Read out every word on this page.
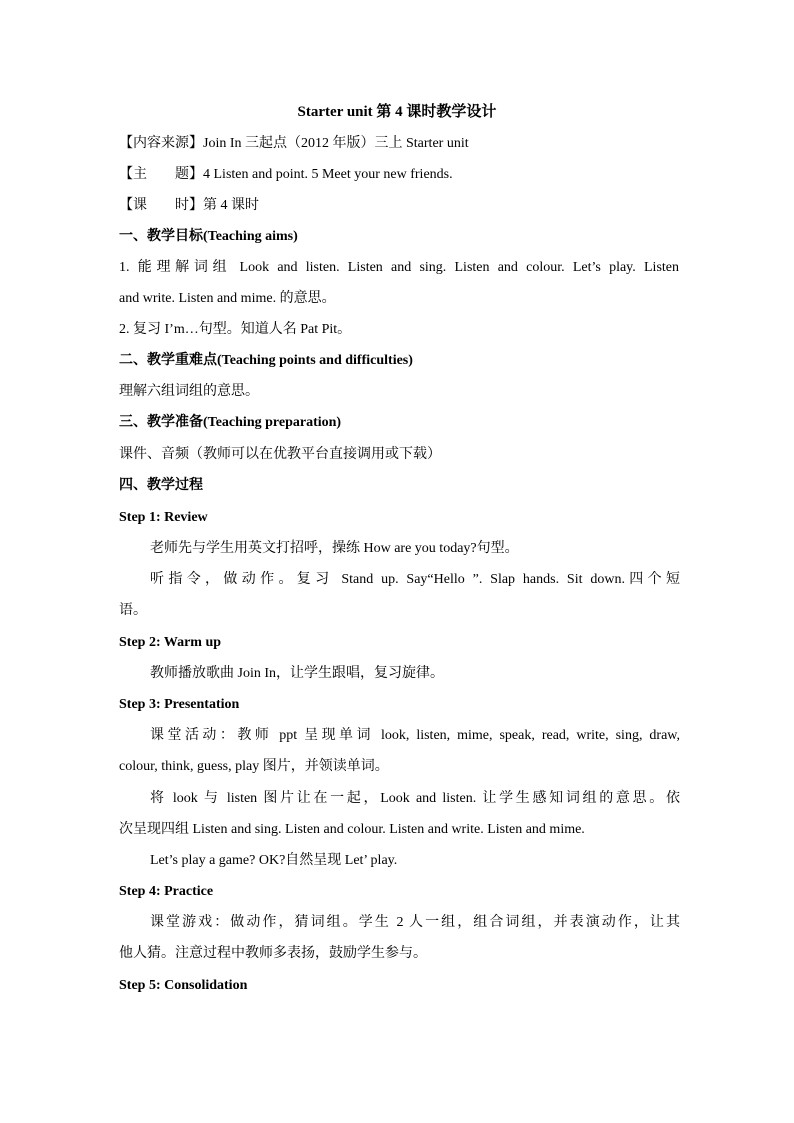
Starter unit 第 4 课时教学设计
【内容来源】Join In 三起点（2012 年版）三上 Starter unit
【主　　题】4 Listen and point. 5 Meet your new friends.
【课　　时】第 4 课时
一、教学目标(Teaching aims)
1. 能理解词组 Look and listen. Listen and sing. Listen and colour. Let’s play. Listen
and write. Listen and mime. 的意思。
2. 复习 I’m…句型。知道人名 Pat Pit。
二、教学重难点(Teaching points and difficulties)
理解六组词组的意思。
三、教学准备(Teaching preparation)
课件、音频（教师可以在优教平台直接调用或下载）
四、教学过程
Step 1: Review
老师先与学生用英文打招呼，操练 How are you today?句型。
听指令，做动作。复习 Stand up. Say“Hello ”. Slap hands. Sit down.四个短
语。
Step 2: Warm up
教师播放歌曲 Join In，让学生跟唱，复习旋律。
Step 3: Presentation
课堂活动：教师 ppt 呈现单词 look, listen, mime, speak, read, write, sing, draw,
colour, think, guess, play 图片，并领读单词。
将 look 与 listen 图片让在一起，Look and listen. 让学生感知词组的意思。依
次呈现四组 Listen and sing. Listen and colour. Listen and write. Listen and mime.
Let’s play a game? OK?自然呈现 Let’ play.
Step 4: Practice
课堂游戏：做动作，猜词组。学生 2 人一组，组合词组，并表演动作，让其
他人猜。注意过程中教师多表扬，鼓励学生参与。
Step 5: Consolidation
